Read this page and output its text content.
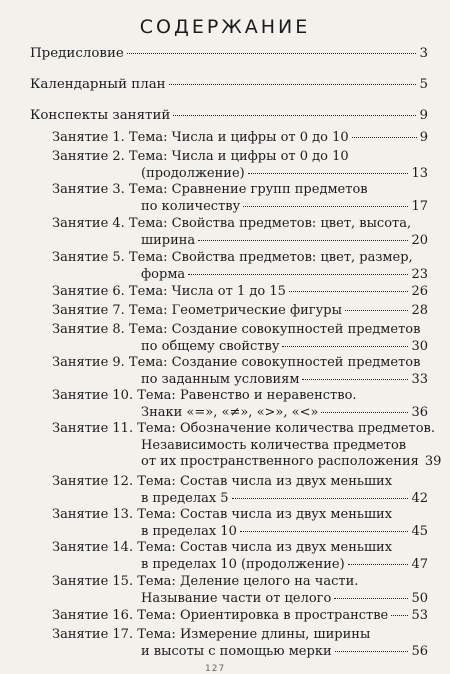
СОДЕРЖАНИЕ
Предисловие	3
Календарный план	5
Конспекты занятий	9
Занятие 1. Тема: Числа и цифры от 0 до 10	9
Занятие 2. Тема: Числа и цифры от 0 до 10
(продолжение)	13
Занятие 3. Тема: Сравнение групп предметов
по количеству	17
Занятие 4. Тема: Свойства предметов: цвет, высота,
ширина	20
Занятие 5. Тема: Свойства предметов: цвет, размер,
форма	23
Занятие 6. Тема: Числа от 1 до 15	26
Занятие 7. Тема: Геометрические фигуры	28
Занятие 8. Тема: Создание совокупностей предметов
по общему свойству	30
Занятие 9. Тема: Создание совокупностей предметов
по заданным условиям	33
Занятие 10. Тема: Равенство и неравенство.
Знаки «=», «≠», «>», «<»	36
Занятие 11. Тема: Обозначение количества предметов.
Независимость количества предметов
от их пространственного расположения 39
Занятие 12. Тема: Состав числа из двух меньших
в пределах 5	42
Занятие 13. Тема: Состав числа из двух меньших
в пределах 10	45
Занятие 14. Тема: Состав числа из двух меньших
в пределах 10 (продолжение)	47
Занятие 15. Тема: Деление целого на части.
Называние части от целого	50
Занятие 16. Тема: Ориентировка в пространстве 53
Занятие 17. Тема: Измерение длины, ширины
и высоты с помощью мерки	56
127
